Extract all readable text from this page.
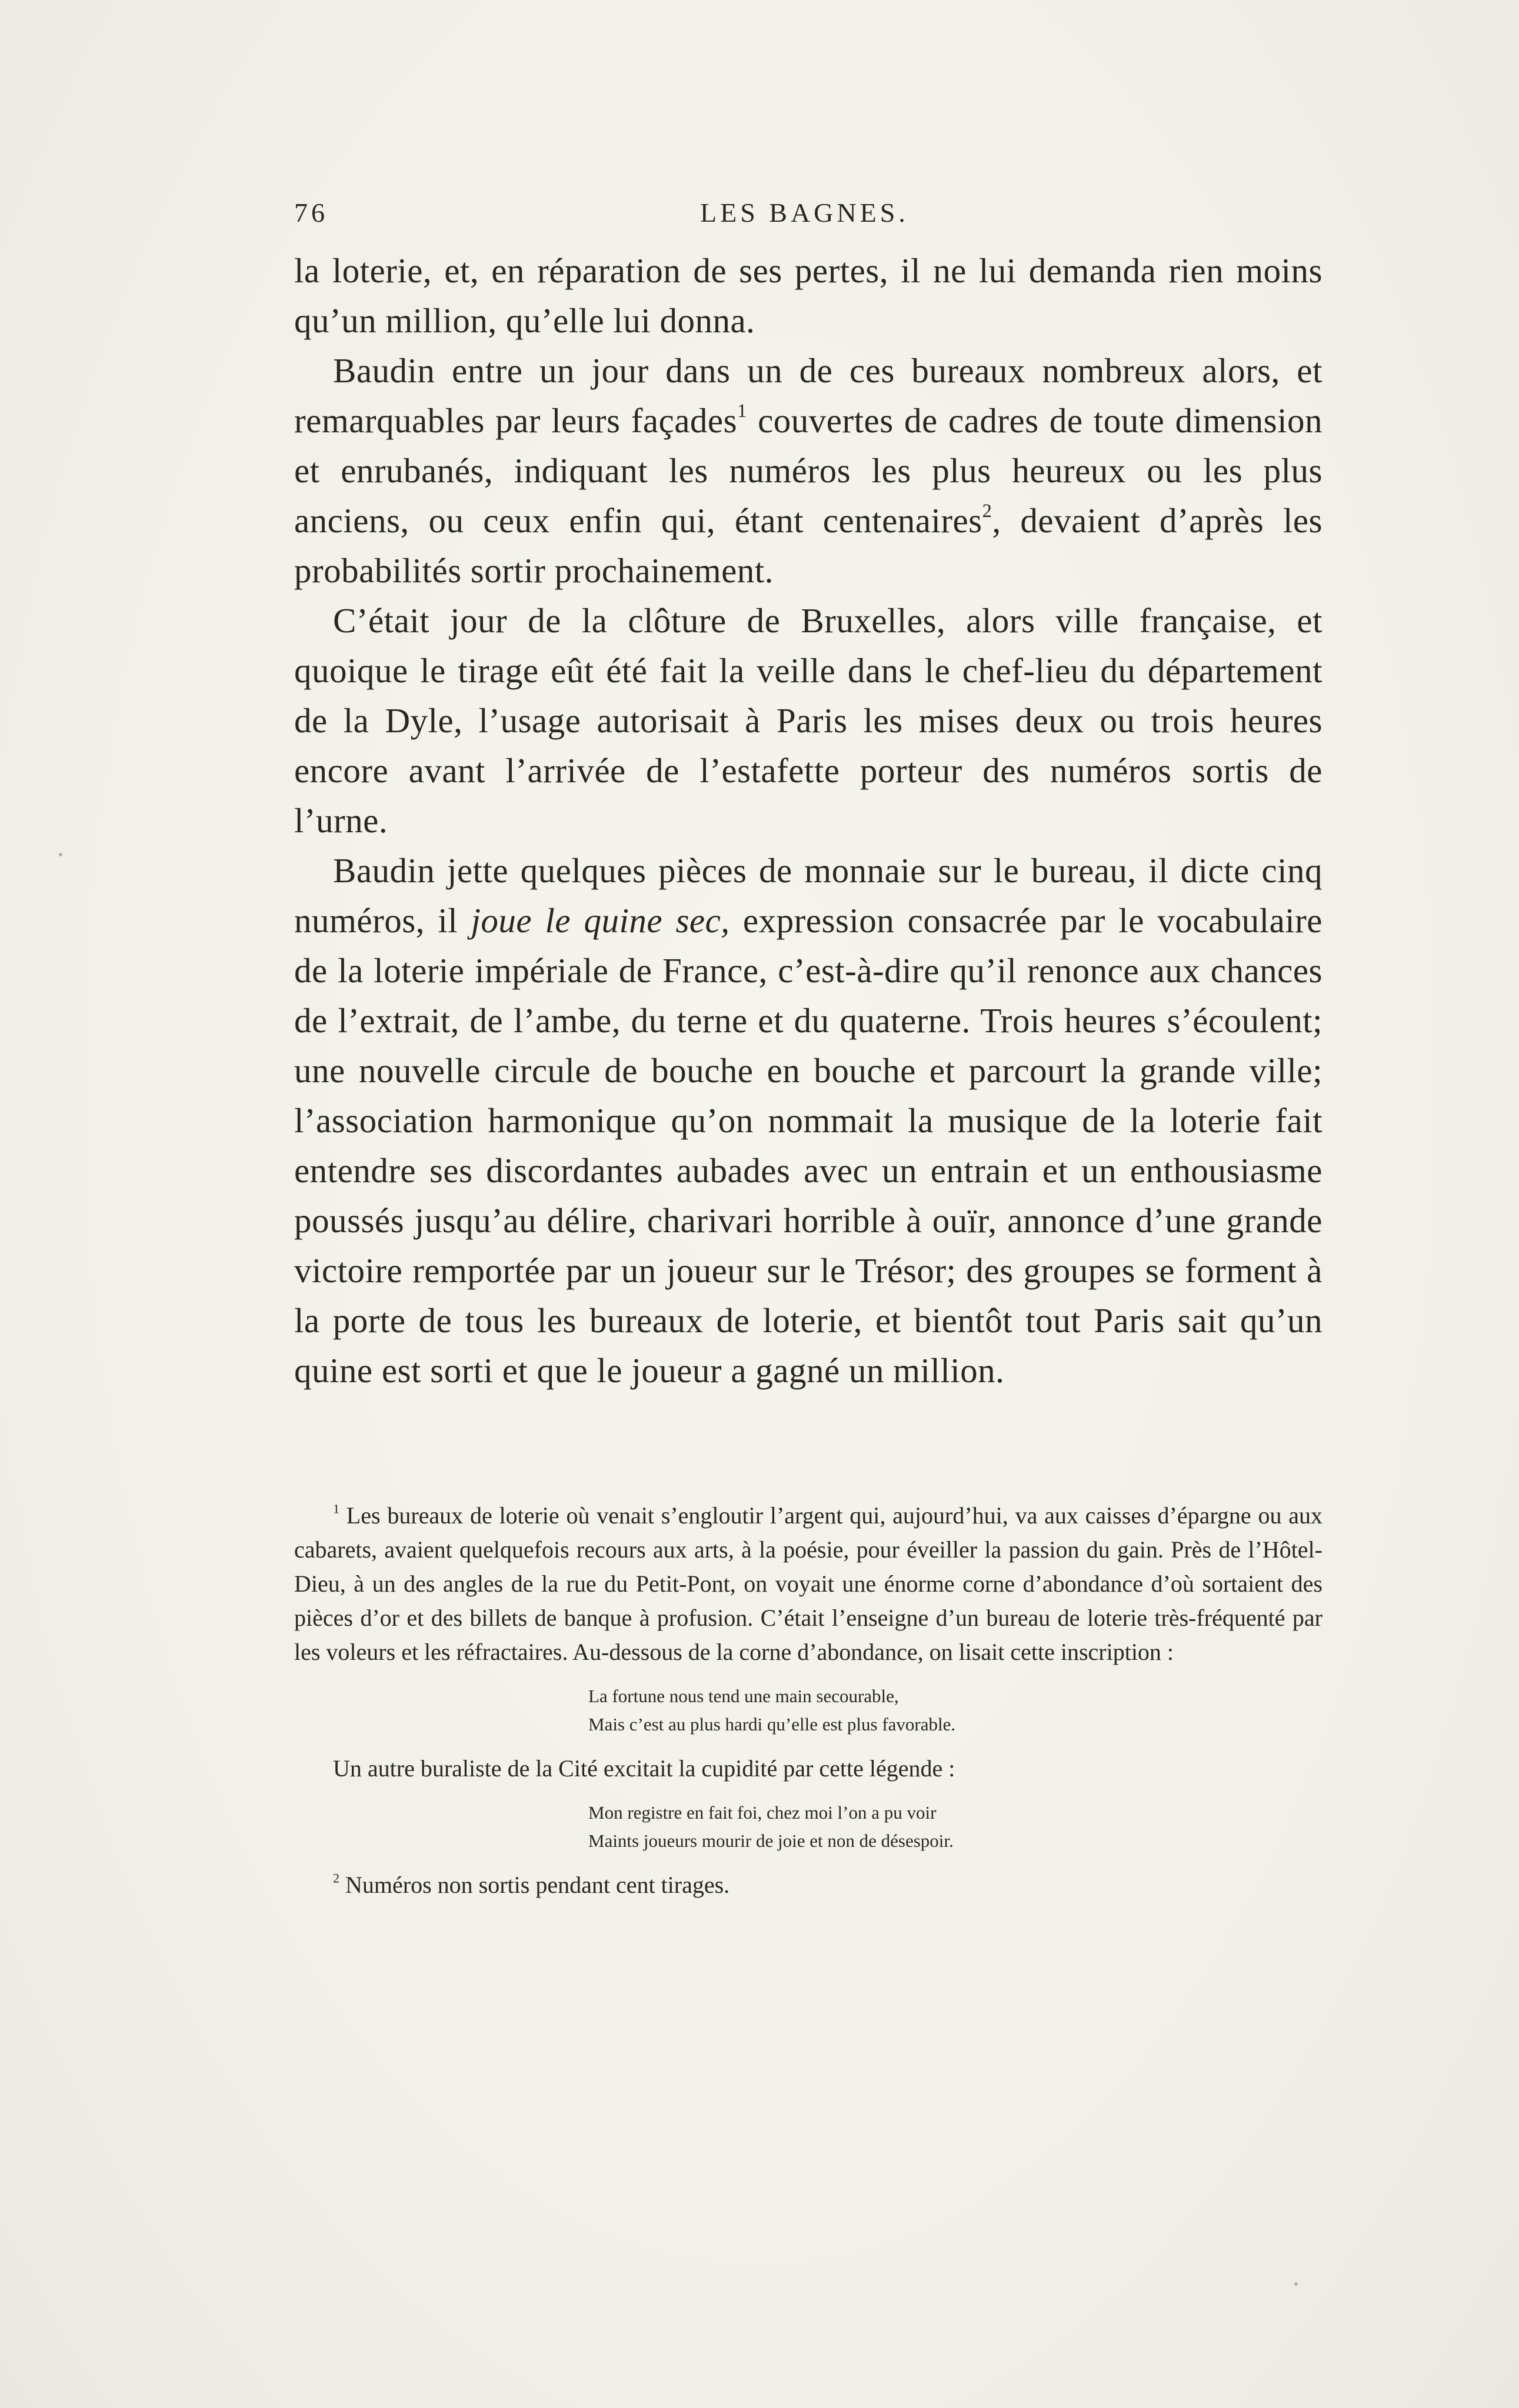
76	LES BAGNES.

la loterie, et, en réparation de ses pertes, il ne lui demanda rien moins qu’un million, qu’elle lui donna.

Baudin entre un jour dans un de ces bureaux nombreux alors, et remarquables par leurs façades$^1$ couvertes de cadres de toute dimension et enrubanés, indiquant les numéros les plus heureux ou les plus anciens, ou ceux enfin qui, étant centenaires$^2$, devaient d’après les probabilités sortir prochainement.

C’était jour de la clôture de Bruxelles, alors ville française, et quoique le tirage eût été fait la veille dans le chef-lieu du département de la Dyle, l’usage autorisait à Paris les mises deux ou trois heures encore avant l’arrivée de l’estafette porteur des numéros sortis de l’urne.

Baudin jette quelques pièces de monnaie sur le bureau, il dicte cinq numéros, il joue le quine sec, expression consacrée par le vocabulaire de la loterie impériale de France, c’est-à-dire qu’il renonce aux chances de l’extrait, de l’ambe, du terne et du quaterne. Trois heures s’écoulent; une nouvelle circule de bouche en bouche et parcourt la grande ville; l’association harmonique qu’on nommait la musique de la loterie fait entendre ses discordantes aubades avec un entrain et un enthousiasme poussés jusqu’au délire, charivari horrible à ouïr, annonce d’une grande victoire remportée par un joueur sur le Trésor; des groupes se forment à la porte de tous les bureaux de loterie, et bientôt tout Paris sait qu’un quine est sorti et que le joueur a gagné un million.

$^1$ Les bureaux de loterie où venait s’engloutir l’argent qui, aujourd’hui, va aux caisses d’épargne ou aux cabarets, avaient quelquefois recours aux arts, à la poésie, pour éveiller la passion du gain. Près de l’Hôtel-Dieu, à un des angles de la rue du Petit-Pont, on voyait une énorme corne d’abondance d’où sortaient des pièces d’or et des billets de banque à profusion. C’était l’enseigne d’un bureau de loterie très-fréquenté par les voleurs et les réfractaires. Au-dessous de la corne d’abondance, on lisait cette inscription :

La fortune nous tend une main secourable,
Mais c’est au plus hardi qu’elle est plus favorable.

Un autre buraliste de la Cité excitait la cupidité par cette légende :

Mon registre en fait foi, chez moi l’on a pu voir
Maints joueurs mourir de joie et non de désespoir.

$^2$ Numéros non sortis pendant cent tirages.
